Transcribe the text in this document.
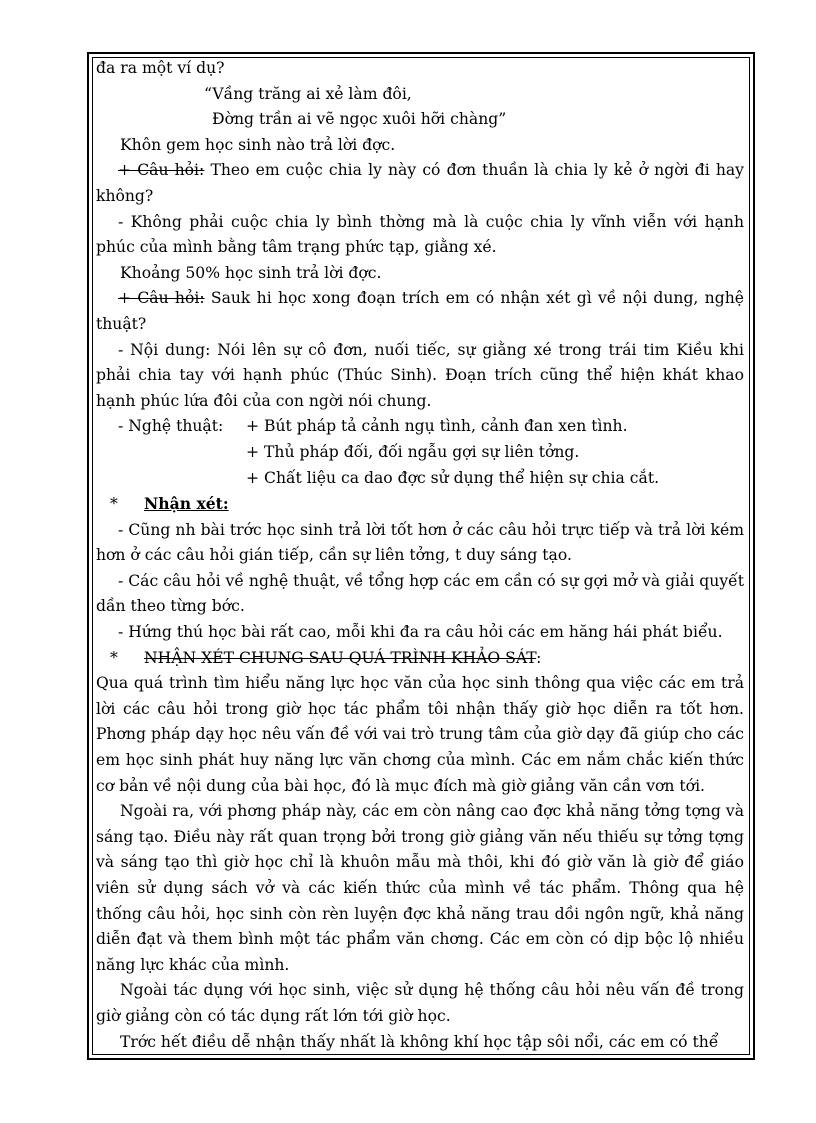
đa ra một ví dụ?

“Vầng trăng ai xẻ làm đôi,

Đờng trần ai vẽ ngọc xuôi hỡi chàng”

Khôn gem học sinh nào trả lời đợc.

+ Câu hỏi: Theo em cuộc chia ly này có đơn thuần là chia ly kẻ ở ngời đi hay không?

- Không phải cuộc chia ly bình thờng mà là cuộc chia ly vĩnh viễn với hạnh phúc của mình bằng tâm trạng phức tạp, giằng xé.

Khoảng 50% học sinh trả lời đợc.

+ Câu hỏi: Sauk hi học xong đoạn trích em có nhận xét gì về nội dung, nghệ thuật?

- Nội dung: Nói lên sự cô đơn, nuối tiếc, sự giằng xé trong trái tim Kiều khi phải chia tay với hạnh phúc (Thúc Sinh). Đoạn trích cũng thể hiện khát khao hạnh phúc lứa đôi của con ngời nói chung.

- Nghệ thuật:	+ Bút pháp tả cảnh ngụ tình, cảnh đan xen tình.

+ Thủ pháp đối, đối ngẫu gợi sự liên tởng.

+ Chất liệu ca dao đợc sử dụng thể hiện sự chia cắt.

* Nhận xét:

- Cũng nh bài trớc học sinh trả lời tốt hơn ở các câu hỏi trực tiếp và trả lời kém hơn ở các câu hỏi gián tiếp, cần sự liên tởng, t duy sáng tạo.

- Các câu hỏi về nghệ thuật, về tổng hợp các em cần có sự gợi mở và giải quyết dần theo từng bớc.

- Hứng thú học bài rất cao, mỗi khi đa ra câu hỏi các em hăng hái phát biểu.

* NHẬN XÉT CHUNG SAU QUÁ TRÌNH KHẢO SÁT:

Qua quá trình tìm hiểu năng lực học văn của học sinh thông qua việc các em trả lời các câu hỏi trong giờ học tác phẩm tôi nhận thấy giờ học diễn ra tốt hơn. Phơng pháp dạy học nêu vấn đề với vai trò trung tâm của giờ dạy đã giúp cho các em học sinh phát huy năng lực văn chơng của mình. Các em nắm chắc kiến thức cơ bản về nội dung của bài học, đó là mục đích mà giờ giảng văn cần vơn tới.

Ngoài ra, với phơng pháp này, các em còn nâng cao đợc khả năng tởng tợng và sáng tạo. Điều này rất quan trọng bởi trong giờ giảng văn nếu thiếu sự tởng tợng và sáng tạo thì giờ học chỉ là khuôn mẫu mà thôi, khi đó giờ văn là giờ để giáo viên sử dụng sách vở và các kiến thức của mình về tác phẩm. Thông qua hệ thống câu hỏi, học sinh còn rèn luyện đợc khả năng trau dồi ngôn ngữ, khả năng diễn đạt và them bình một tác phẩm văn chơng. Các em còn có dịp bộc lộ nhiều năng lực khác của mình.

Ngoài tác dụng với học sinh, việc sử dụng hệ thống câu hỏi nêu vấn đề trong giờ giảng còn có tác dụng rất lớn tới giờ học.

Trớc hết điều dễ nhận thấy nhất là không khí học tập sôi nổi, các em có thể
